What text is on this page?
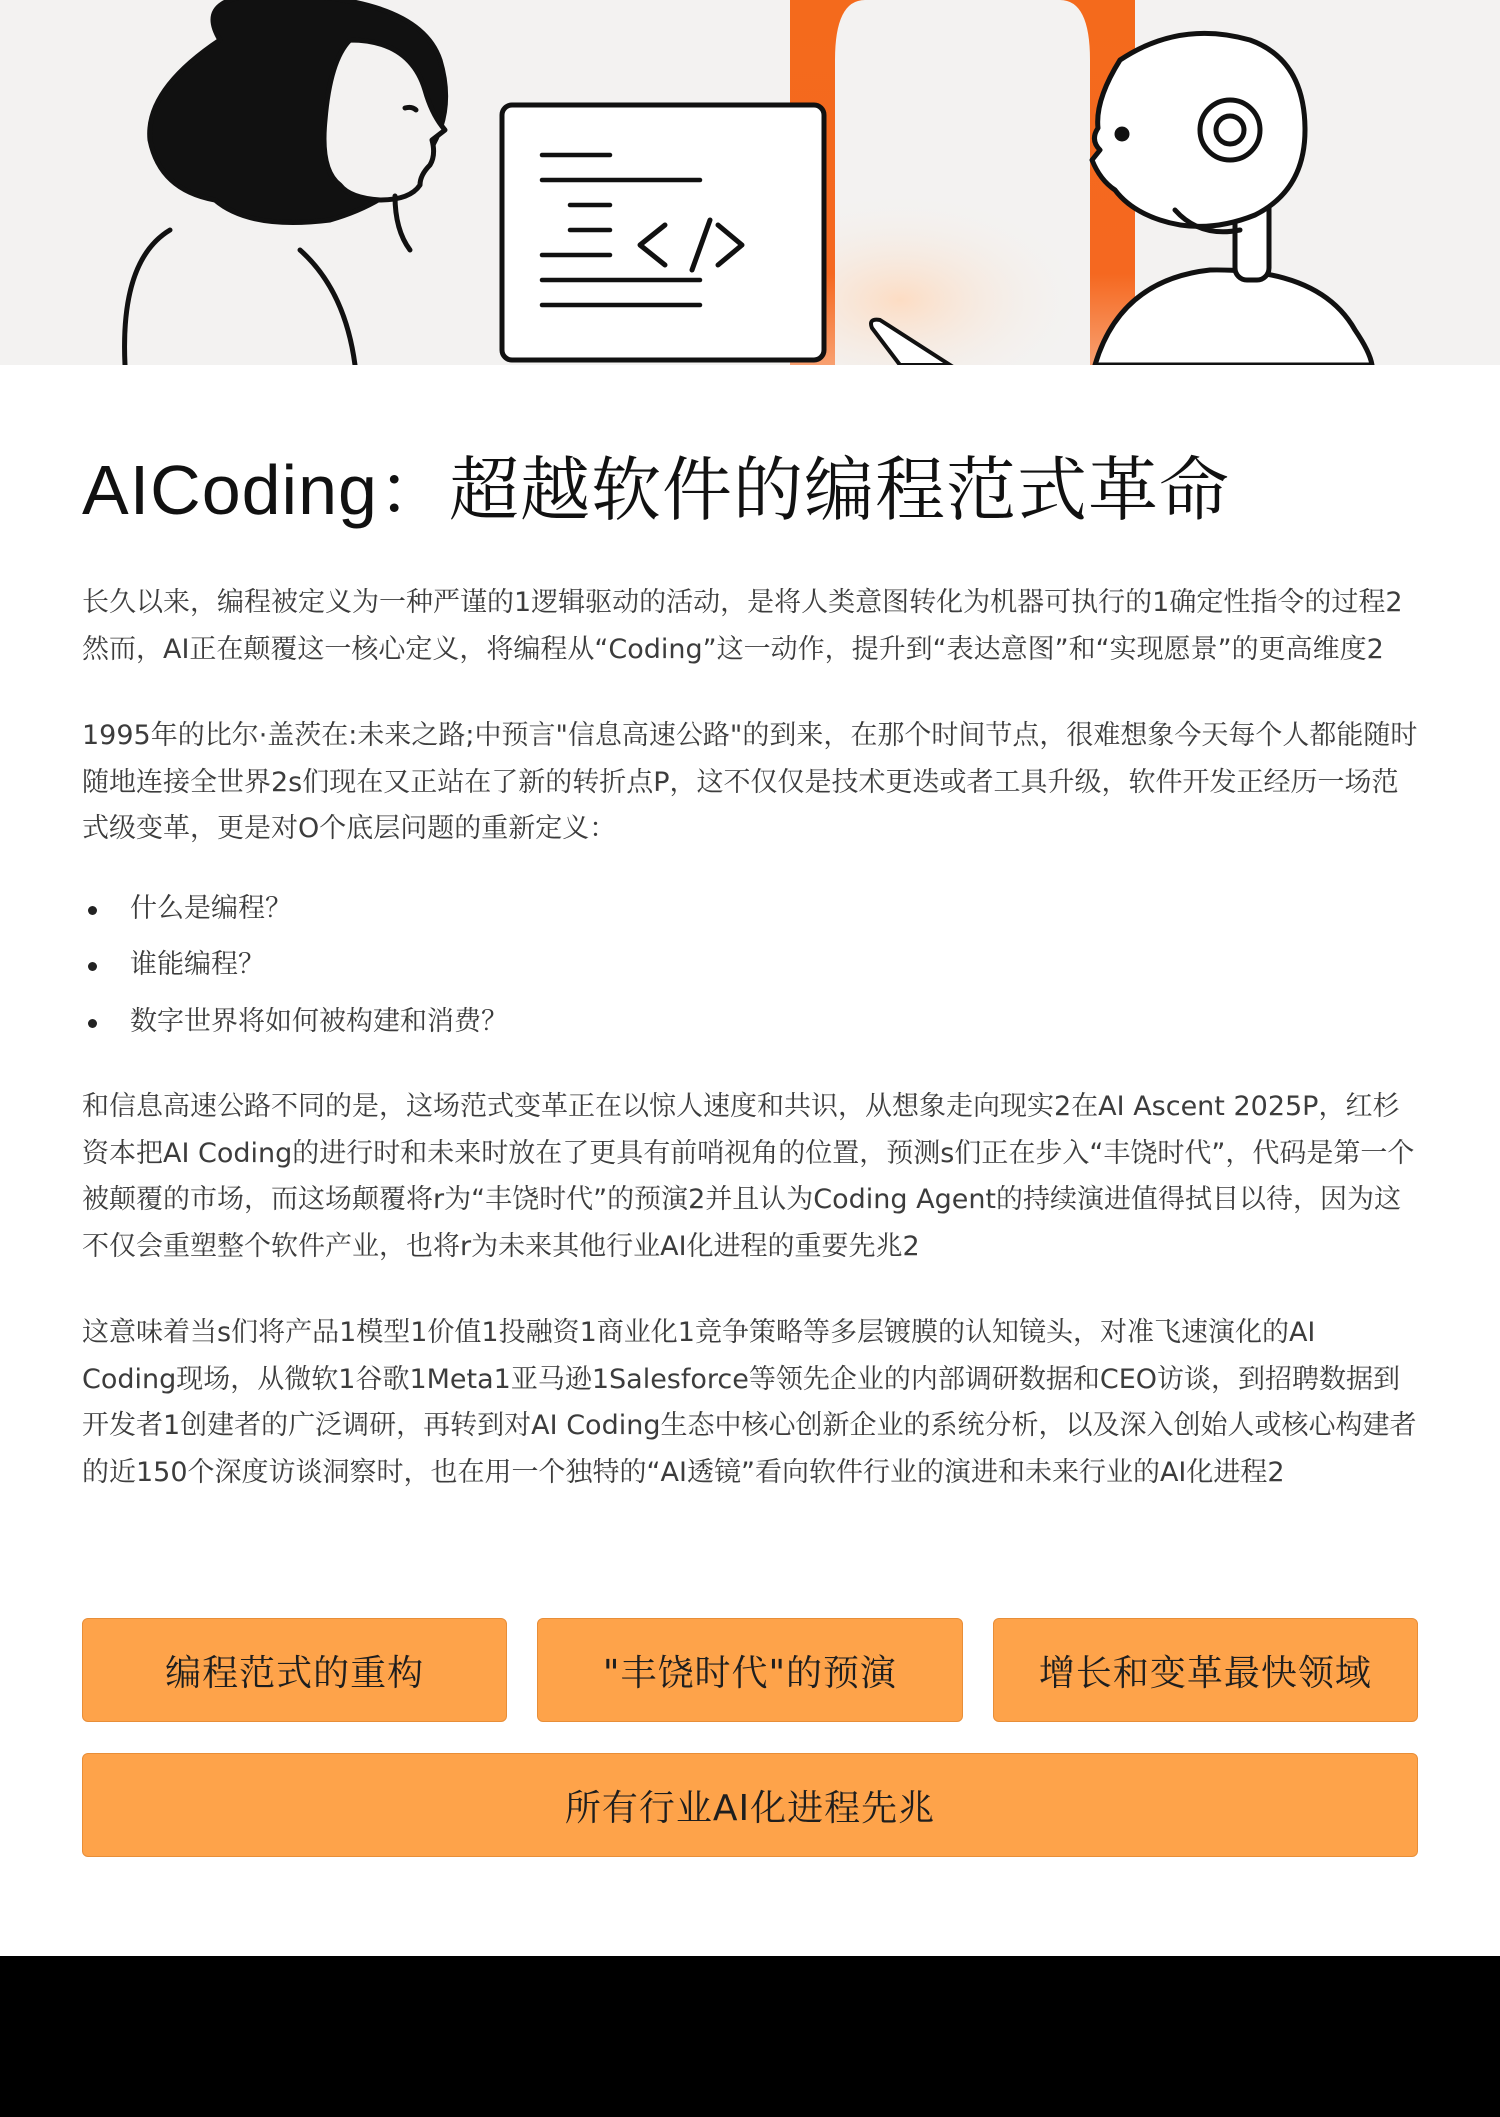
AICoding：超越软件的编程范式革命

长久以来，编程被定义为一种严谨的1逻辑驱动的活动，是将人类意图转化为机器可执行的1确定性指令的过程2然而，AI正在颠覆这一核心定义，将编程从“Coding”这一动作，提升到“表达意图”和“实现愿景”的更高维度2

1995年的比尔·盖茨在:未来之路;中预言"信息高速公路"的到来，在那个时间节点，很难想象今天每个人都能随时随地连接全世界2s们现在又正站在了新的转折点P，这不仅仅是技术更迭或者工具升级，软件开发正经历一场范式级变革，更是对O个底层问题的重新定义：

什么是编程？
谁能编程？
数字世界将如何被构建和消费？

和信息高速公路不同的是，这场范式变革正在以惊人速度和共识，从想象走向现实2在AI Ascent 2025P，红杉资本把AI Coding的进行时和未来时放在了更具有前哨视角的位置，预测s们正在步入“丰饶时代”，代码是第一个被颠覆的市场，而这场颠覆将r为“丰饶时代”的预演2并且认为Coding Agent的持续演进值得拭目以待，因为这不仅会重塑整个软件产业，也将r为未来其他行业AI化进程的重要先兆2

这意味着当s们将产品1模型1价值1投融资1商业化1竞争策略等多层镀膜的认知镜头，对准飞速演化的AI Coding现场，从微软1谷歌1Meta1亚马逊1Salesforce等领先企业的内部调研数据和CEO访谈，到招聘数据到开发者1创建者的广泛调研，再转到对AI Coding生态中核心创新企业的系统分析，以及深入创始人或核心构建者的近150个深度访谈洞察时，也在用一个独特的“AI透镜”看向软件行业的演进和未来行业的AI化进程2

编程范式的重构	"丰饶时代"的预演	增长和变革最快领域
所有行业AI化进程先兆
